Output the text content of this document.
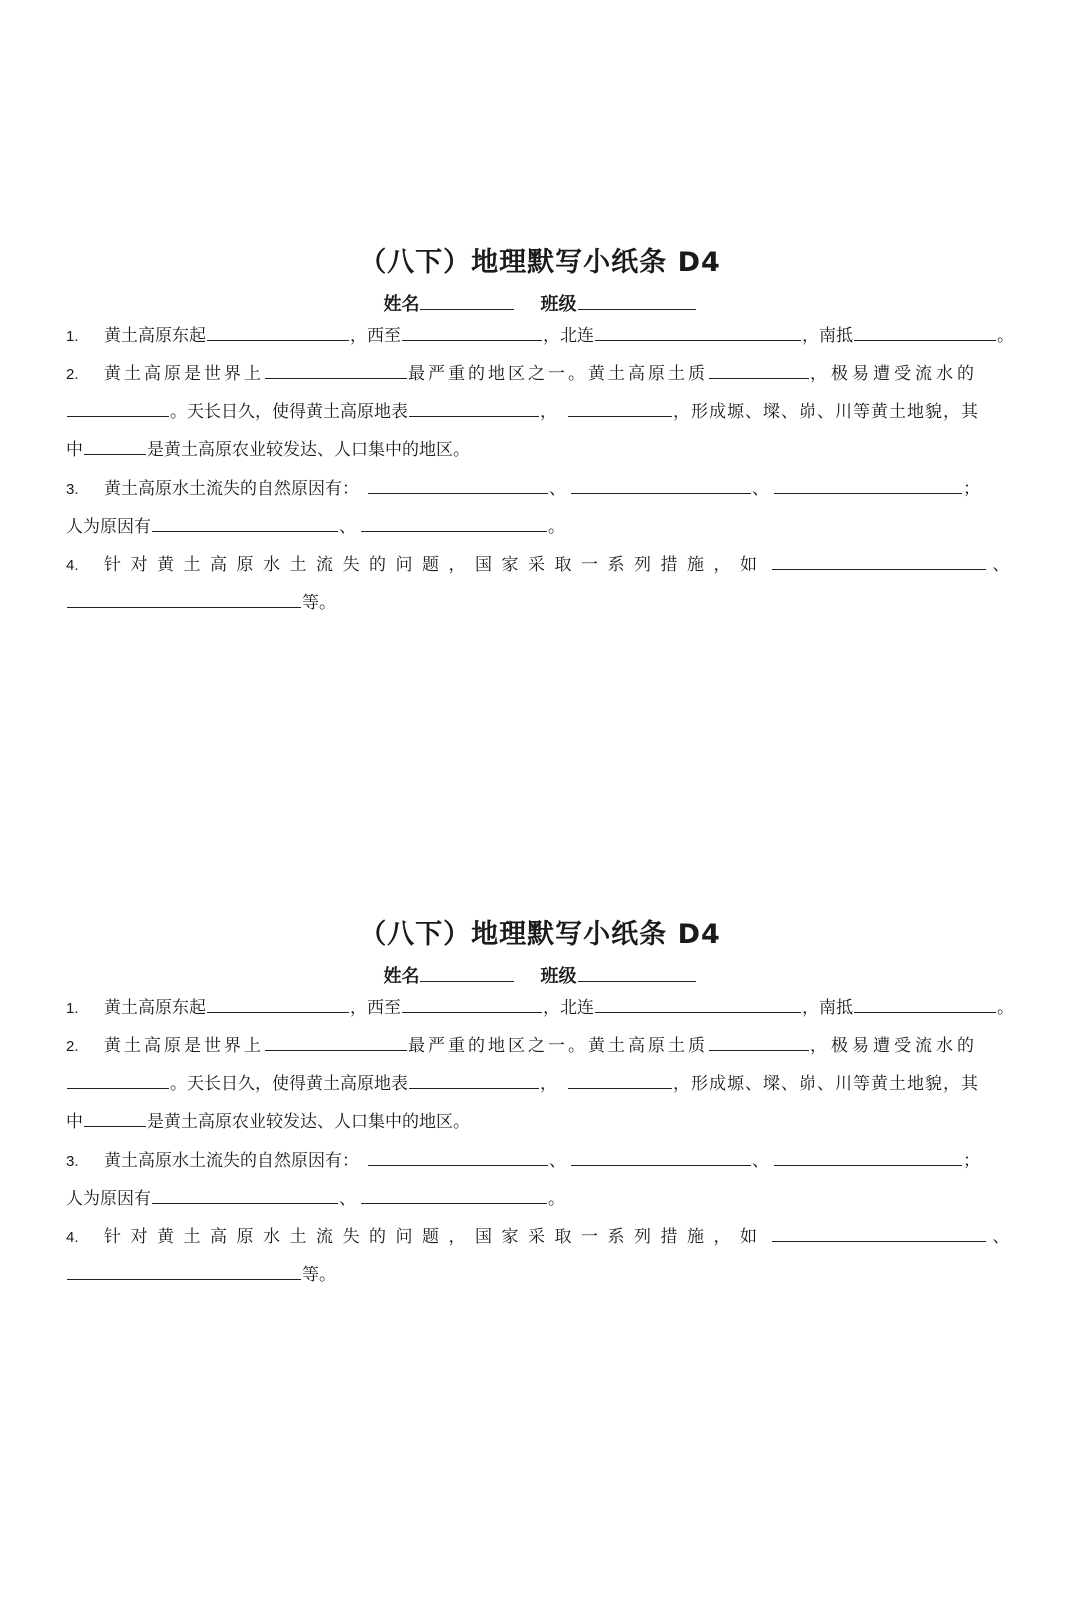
（八下）地理默写小纸条 D4
姓名	班级
1. 黄土高原东起	，西至	，北连	，南抵	。
2. 黄土高原是世界上	最严重的地区之一。黄土高原土质	，极易遭受流水的
。天长日久，使得黄土高原地表	，	，形成塬、墚、峁、川等黄土地貌，其
中	是黄土高原农业较发达、人口集中的地区。
3. 黄土高原水土流失的自然原因有：	、	、	；
人为原因有	、	。
4. 针对黄土高原水土流失的问题，国家采取一系列措施，如	、
等。
（八下）地理默写小纸条 D4
姓名	班级
1. 黄土高原东起	，西至	，北连	，南抵	。
2. 黄土高原是世界上	最严重的地区之一。黄土高原土质	，极易遭受流水的
。天长日久，使得黄土高原地表	，	，形成塬、墚、峁、川等黄土地貌，其
中	是黄土高原农业较发达、人口集中的地区。
3. 黄土高原水土流失的自然原因有：	、	、	；
人为原因有	、	。
4. 针对黄土高原水土流失的问题，国家采取一系列措施，如	、
等。
